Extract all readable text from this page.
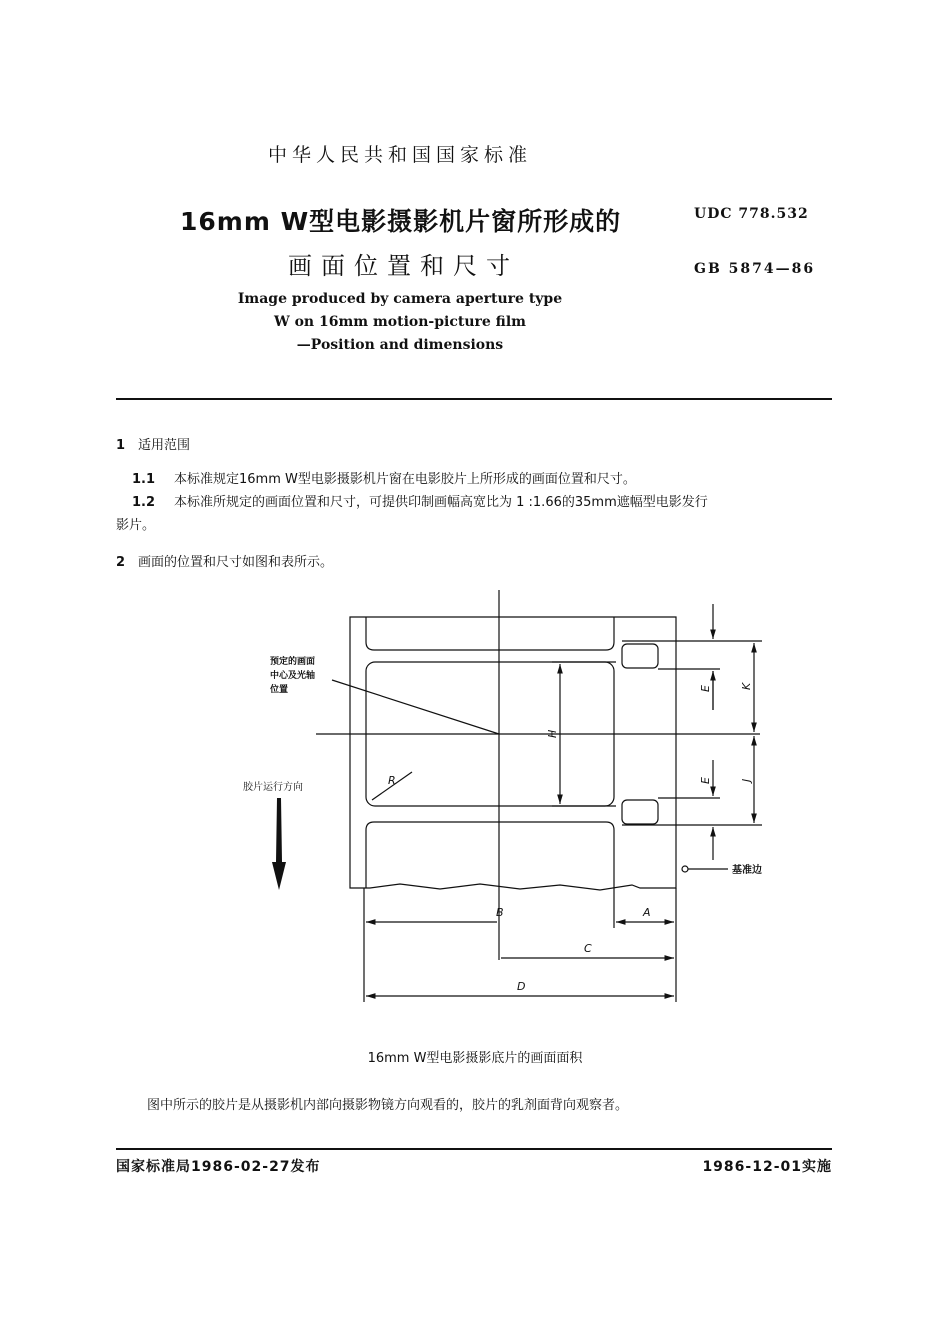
中华人民共和国国家标准
16mm W型电影摄影机片窗所形成的
画面位置和尺寸
UDC 778.532
GB 5874—86
Image produced by camera aperture type
W on 16mm motion-picture film
—Position and dimensions
1 适用范围
1.1 本标准规定16mm W型电影摄影机片窗在电影胶片上所形成的画面位置和尺寸。
1.2 本标准所规定的画面位置和尺寸，可提供印制画幅高宽比为 1 :1.66的35mm遮幅型电影发行
影片。
2 画面的位置和尺寸如图和表所示。
预定的画面
中心及光轴
位置
胶片运行方向
基准边
R
H
E	K
E	J
A
B
C
D
16mm W型电影摄影底片的画面面积
图中所示的胶片是从摄影机内部向摄影物镜方向观看的，胶片的乳剂面背向观察者。
国家标准局1986-02-27发布	1986-12-01实施
